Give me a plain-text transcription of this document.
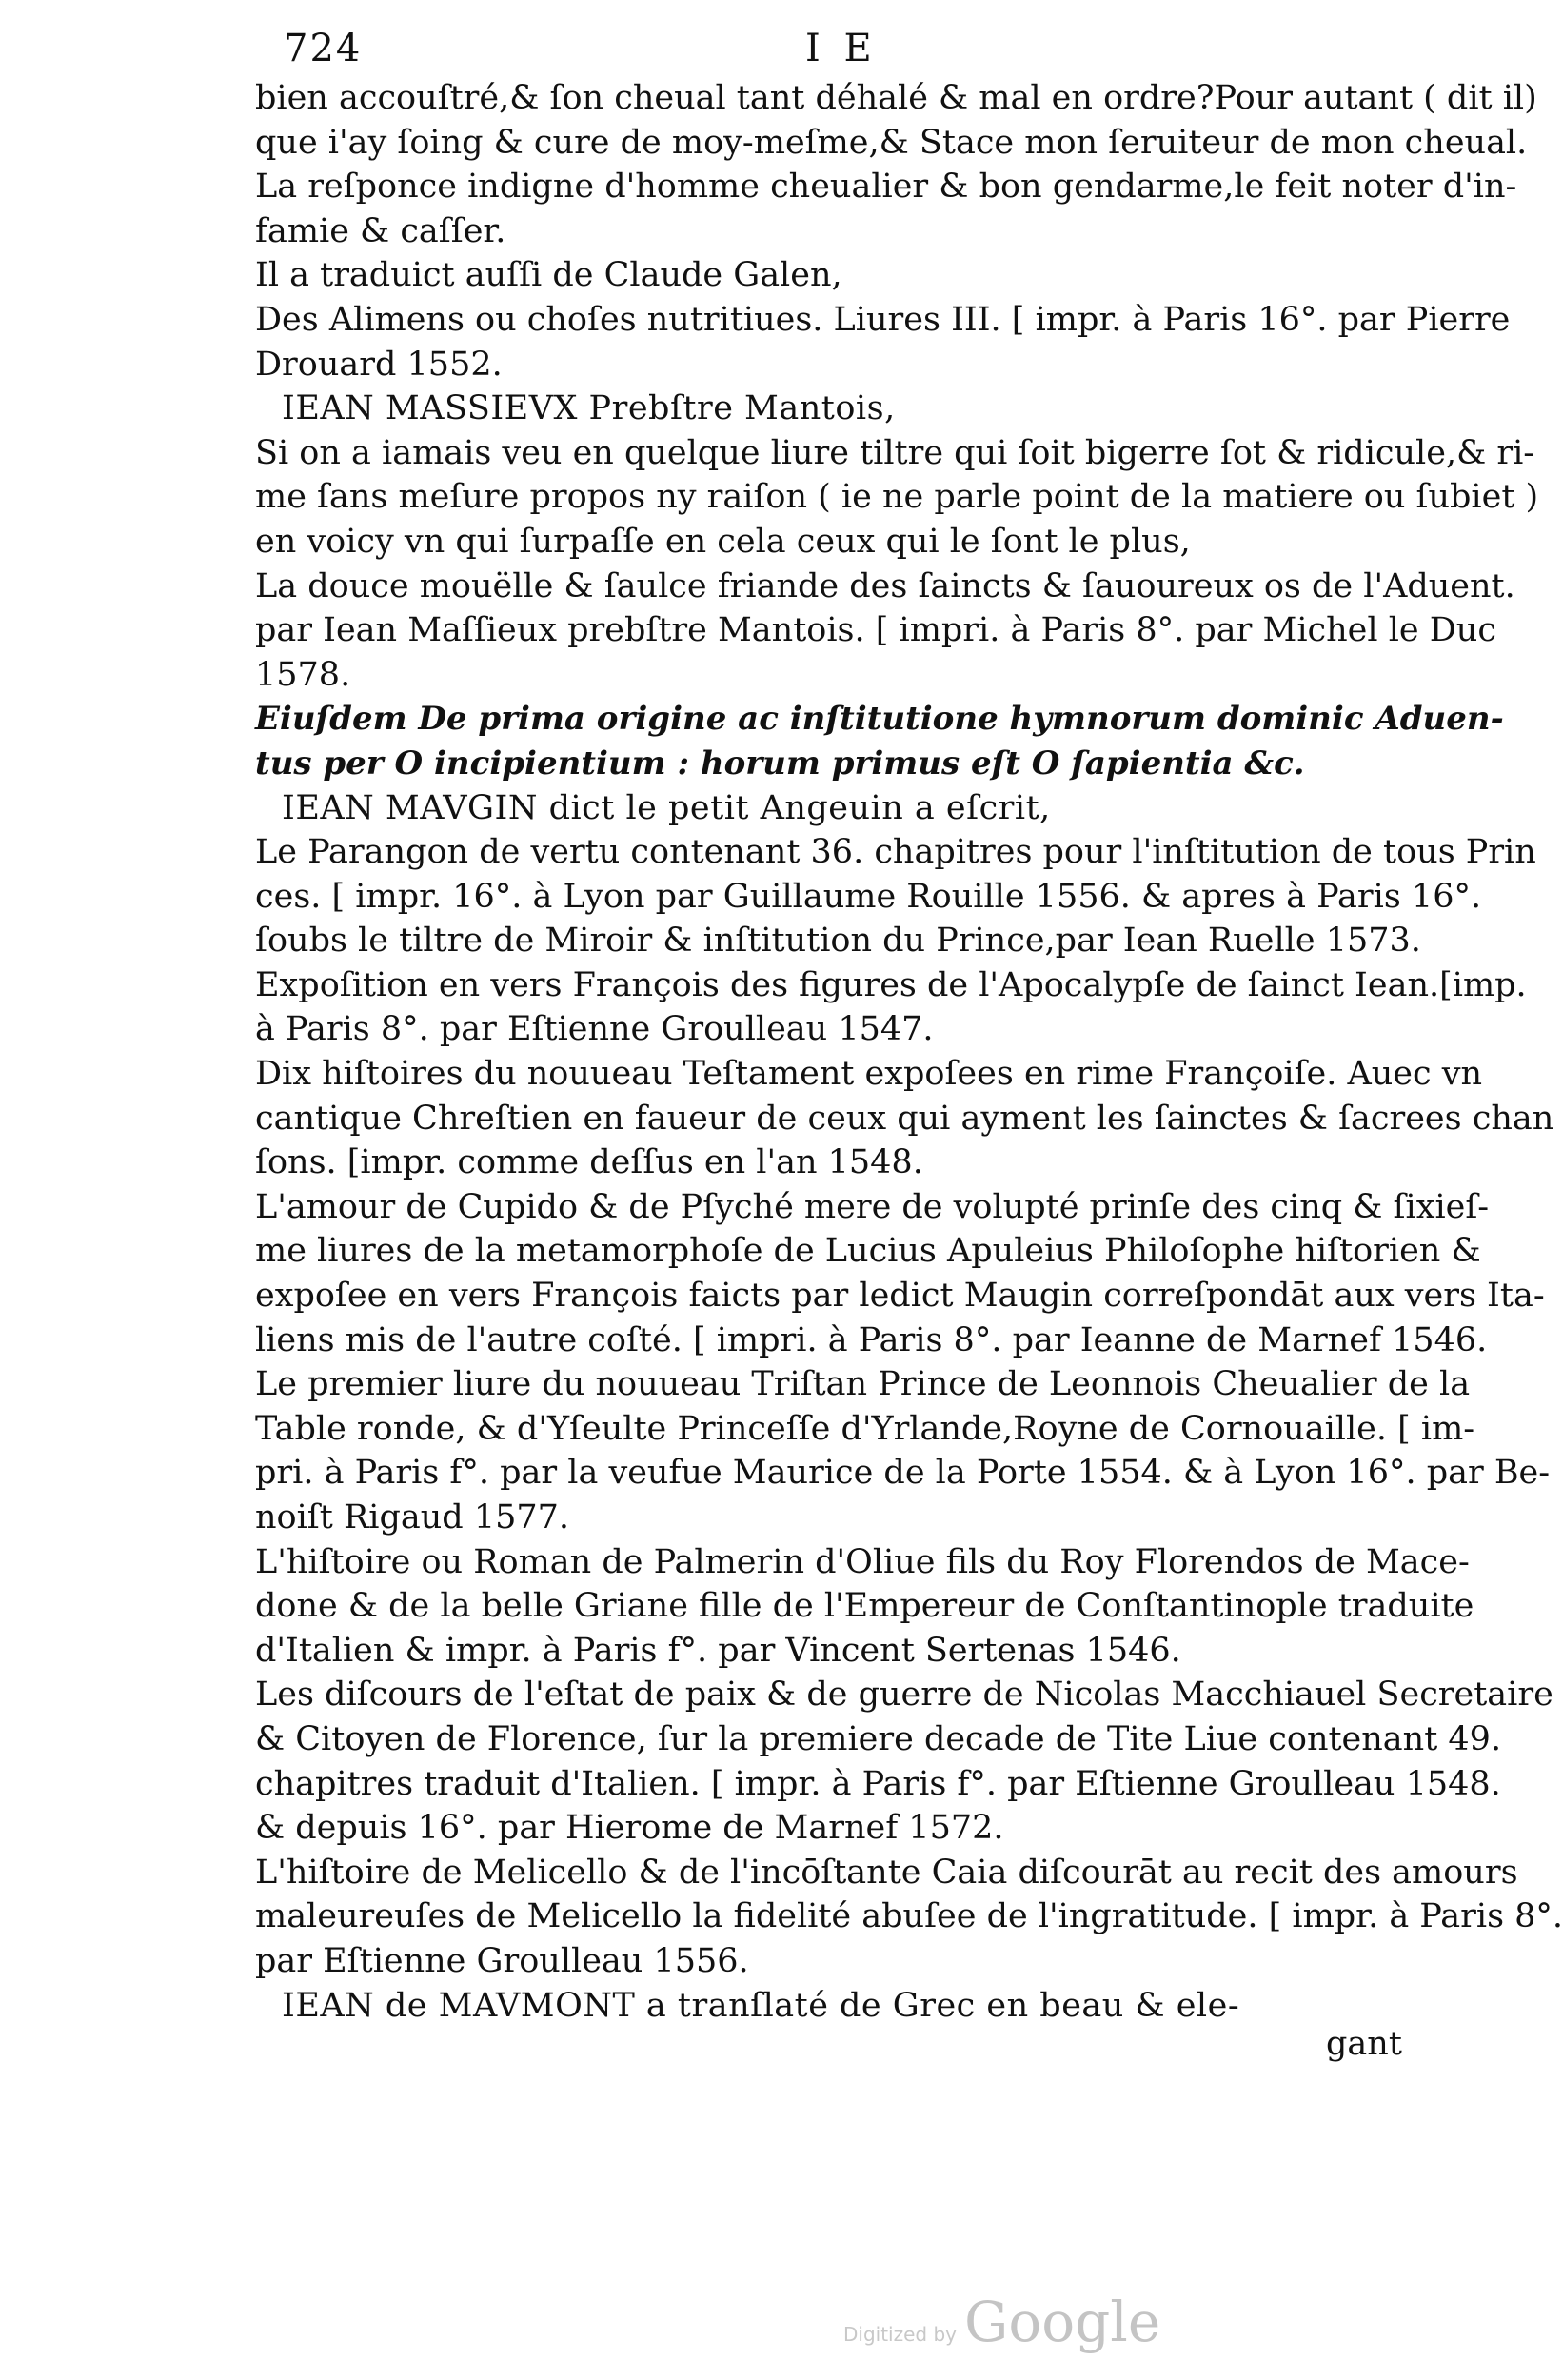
724	I E
bien accouſtré,& ſon cheual tant déhalé & mal en ordre?Pour autant ( dit il)
que i'ay ſoing & cure de moy-meſme,& Stace mon ſeruiteur de mon cheual.
La reſponce indigne d'homme cheualier & bon gendarme,le feit noter d'in-
famie & caſſer.
Il a traduict auſſi de Claude Galen,
Des Alimens ou choſes nutritiues. Liures III. [ impr. à Paris 16°. par Pierre
Drouard 1552.
IEAN MASSIEVX Prebſtre Mantois,
Si on a iamais veu en quelque liure tiltre qui ſoit bigerre ſot & ridicule,& ri-
me ſans meſure propos ny raiſon ( ie ne parle point de la matiere ou ſubiet )
en voicy vn qui ſurpaſſe en cela ceux qui le ſont le plus,
La douce mouëlle & ſaulce friande des ſaincts & ſauoureux os de l'Aduent.
par Iean Maſſieux prebſtre Mantois. [ impri. à Paris 8°. par Michel le Duc
1578.
Eiuſdem De prima origine ac inſtitutione hymnorum dominic Aduen-
tus per O incipientium : horum primus eſt O ſapientia &c.
IEAN MAVGIN dict le petit Angeuin a eſcrit,
Le Parangon de vertu contenant 36. chapitres pour l'inſtitution de tous Prin
ces. [ impr. 16°. à Lyon par Guillaume Rouille 1556. & apres à Paris 16°.
ſoubs le tiltre de Miroir & inſtitution du Prince,par Iean Ruelle 1573.
Expoſition en vers François des figures de l'Apocalypſe de ſainct Iean.[imp.
à Paris 8°. par Eſtienne Groulleau 1547.
Dix hiſtoires du nouueau Teſtament expoſees en rime Françoiſe. Auec vn
cantique Chreſtien en faueur de ceux qui ayment les ſainctes & ſacrees chan
ſons. [impr. comme deſſus en l'an 1548.
L'amour de Cupido & de Pſyché mere de volupté prinſe des cinq & ſixieſ-
me liures de la metamorphoſe de Lucius Apuleius Philoſophe hiſtorien &
expoſee en vers François faicts par ledict Maugin correſpondāt aux vers Ita-
liens mis de l'autre coſté. [ impri. à Paris 8°. par Ieanne de Marnef 1546.
Le premier liure du nouueau Triſtan Prince de Leonnois Cheualier de la
Table ronde, & d'Yſeulte Princeſſe d'Yrlande,Royne de Cornouaille. [ im-
pri. à Paris f°. par la veufue Maurice de la Porte 1554. & à Lyon 16°. par Be-
noiſt Rigaud 1577.
L'hiſtoire ou Roman de Palmerin d'Oliue fils du Roy Florendos de Mace-
done & de la belle Griane fille de l'Empereur de Conſtantinople traduite
d'Italien & impr. à Paris f°. par Vincent Sertenas 1546.
Les diſcours de l'eſtat de paix & de guerre de Nicolas Macchiauel Secretaire
& Citoyen de Florence, ſur la premiere decade de Tite Liue contenant 49.
chapitres traduit d'Italien. [ impr. à Paris f°. par Eſtienne Groulleau 1548.
& depuis 16°. par Hierome de Marnef 1572.
L'hiſtoire de Melicello & de l'incōſtante Caia diſcourāt au recit des amours
maleureuſes de Melicello la fidelité abuſee de l'ingratitude. [ impr. à Paris 8°.
par Eſtienne Groulleau 1556.
IEAN de MAVMONT a tranſlaté de Grec en beau & ele-
gant
Digitized by Google
